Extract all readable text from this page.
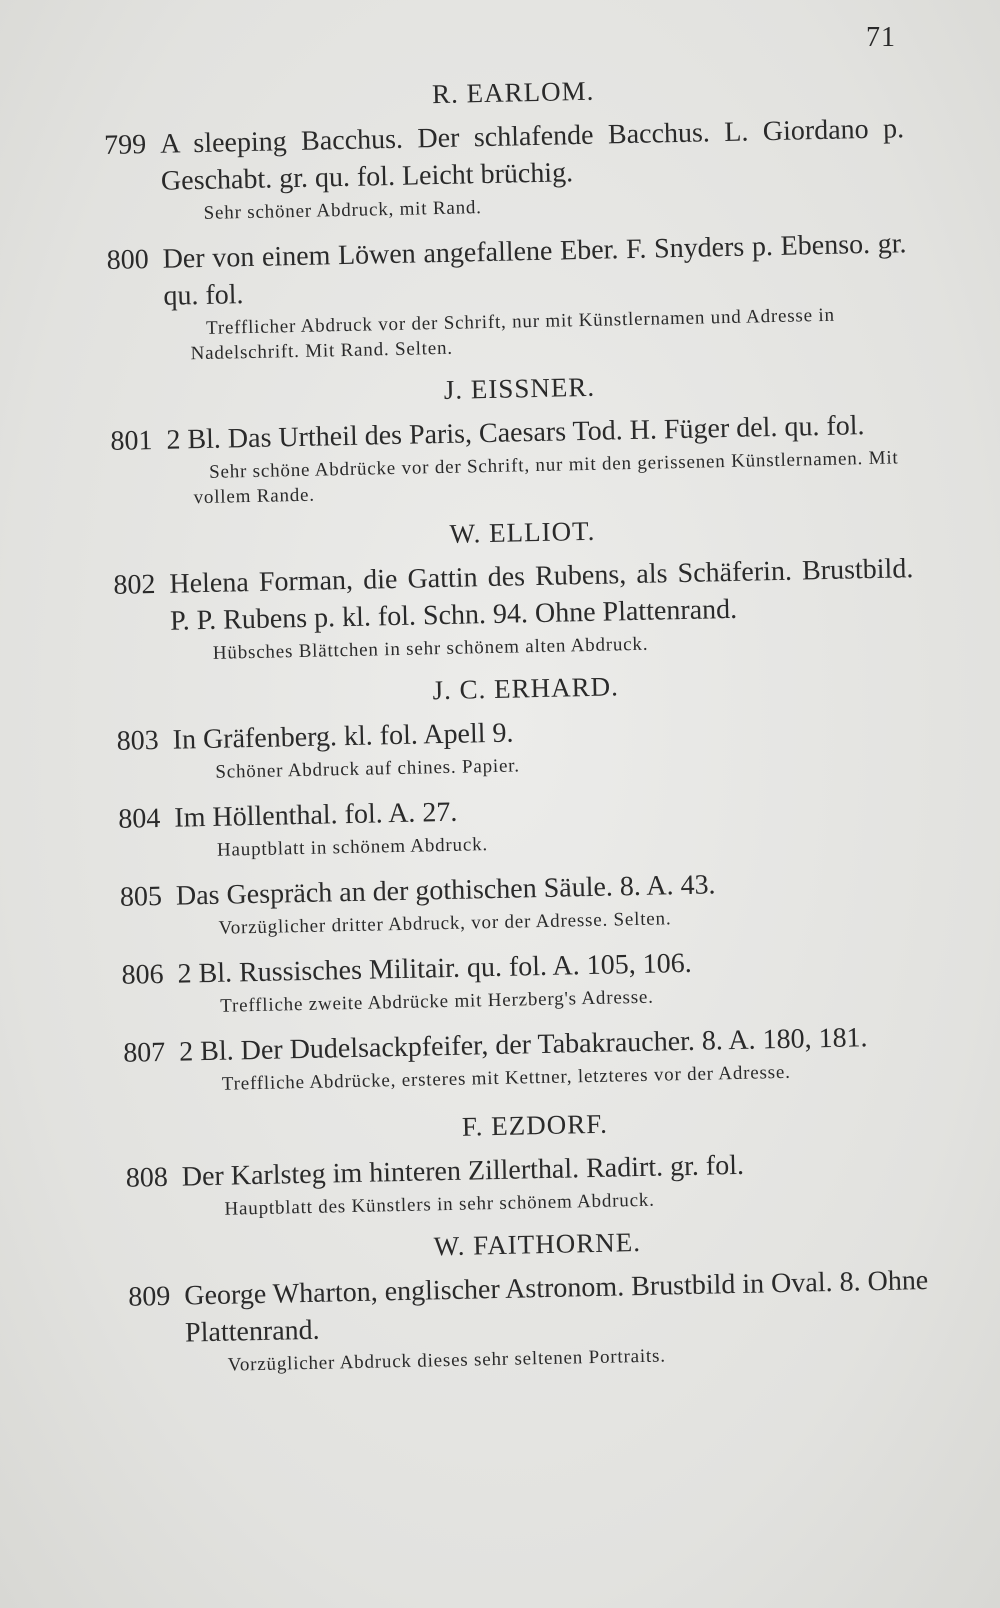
71
R. EARLOM.
799 A sleeping Bacchus. Der schlafende Bacchus. L. Giordano p. Geschabt. gr. qu. fol. Leicht brüchig.
Sehr schöner Abdruck, mit Rand.
800 Der von einem Löwen angefallene Eber. F. Snyders p. Ebenso. gr. qu. fol.
Trefflicher Abdruck vor der Schrift, nur mit Künstlernamen und Adresse in Nadelschrift. Mit Rand. Selten.
J. EISSNER.
801 2 Bl. Das Urtheil des Paris, Caesars Tod. H. Füger del. qu. fol.
Sehr schöne Abdrücke vor der Schrift, nur mit den gerissenen Künstlernamen. Mit vollem Rande.
W. ELLIOT.
802 Helena Forman, die Gattin des Rubens, als Schäferin. Brustbild. P. P. Rubens p. kl. fol. Schn. 94. Ohne Plattenrand.
Hübsches Blättchen in sehr schönem alten Abdruck.
J. C. ERHARD.
803 In Gräfenberg. kl. fol. Apell 9.
Schöner Abdruck auf chines. Papier.
804 Im Höllenthal. fol. A. 27.
Hauptblatt in schönem Abdruck.
805 Das Gespräch an der gothischen Säule. 8. A. 43.
Vorzüglicher dritter Abdruck, vor der Adresse. Selten.
806 2 Bl. Russisches Militair. qu. fol. A. 105, 106.
Treffliche zweite Abdrücke mit Herzberg's Adresse.
807 2 Bl. Der Dudelsackpfeifer, der Tabakraucher. 8. A. 180, 181.
Treffliche Abdrücke, ersteres mit Kettner, letzteres vor der Adresse.
F. EZDORF.
808 Der Karlsteg im hinteren Zillerthal. Radirt. gr. fol.
Hauptblatt des Künstlers in sehr schönem Abdruck.
W. FAITHORNE.
809 George Wharton, englischer Astronom. Brustbild in Oval. 8. Ohne Plattenrand.
Vorzüglicher Abdruck dieses sehr seltenen Portraits.
